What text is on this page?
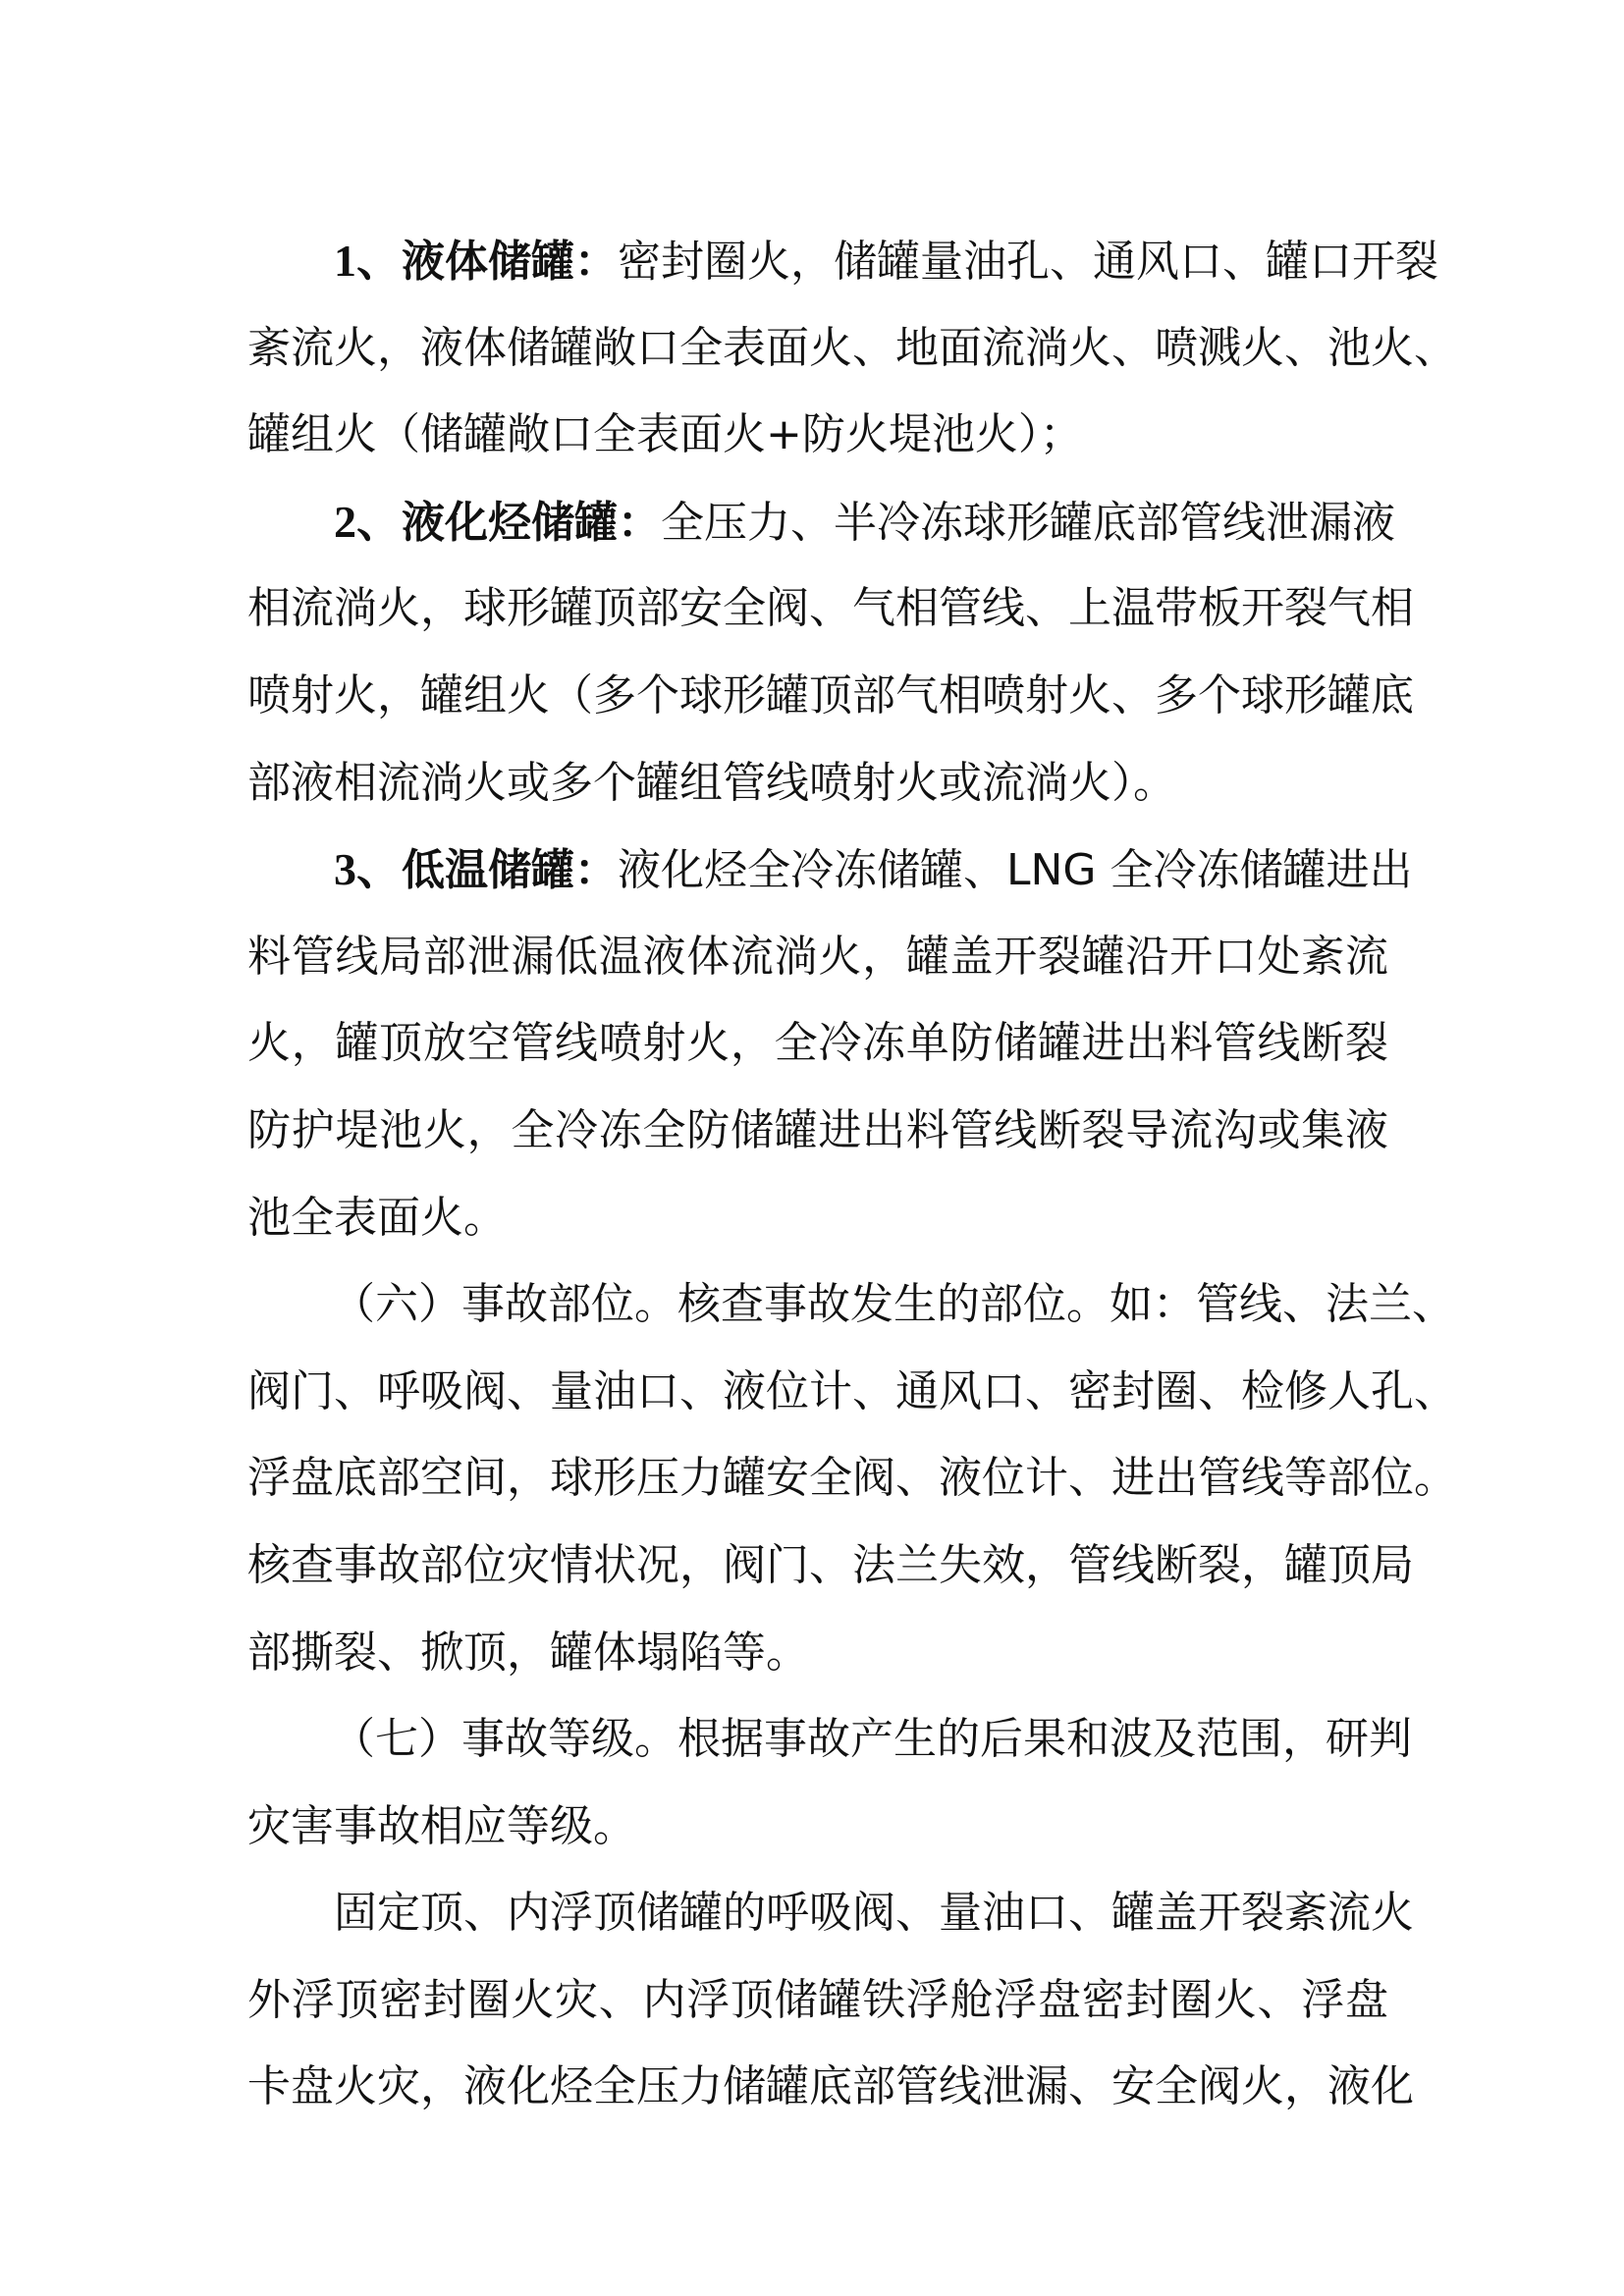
1、液体储罐：密封圈火，储罐量油孔、通风口、罐口开裂
紊流火，液体储罐敞口全表面火、地面流淌火、喷溅火、池火、
罐组火（储罐敞口全表面火+防火堤池火）；
2、液化烃储罐：全压力、半冷冻球形罐底部管线泄漏液
相流淌火，球形罐顶部安全阀、气相管线、上温带板开裂气相
喷射火，罐组火（多个球形罐顶部气相喷射火、多个球形罐底
部液相流淌火或多个罐组管线喷射火或流淌火）。
3、低温储罐：液化烃全冷冻储罐、LNG 全冷冻储罐进出
料管线局部泄漏低温液体流淌火，罐盖开裂罐沿开口处紊流
火，罐顶放空管线喷射火，全冷冻单防储罐进出料管线断裂
防护堤池火，全冷冻全防储罐进出料管线断裂导流沟或集液
池全表面火。
（六）事故部位。核查事故发生的部位。如：管线、法兰、
阀门、呼吸阀、量油口、液位计、通风口、密封圈、检修人孔、
浮盘底部空间，球形压力罐安全阀、液位计、进出管线等部位。
核查事故部位灾情状况，阀门、法兰失效，管线断裂，罐顶局
部撕裂、掀顶，罐体塌陷等。
（七）事故等级。根据事故产生的后果和波及范围，研判
灾害事故相应等级。
固定顶、内浮顶储罐的呼吸阀、量油口、罐盖开裂紊流火
外浮顶密封圈火灾、内浮顶储罐铁浮舱浮盘密封圈火、浮盘
卡盘火灾，液化烃全压力储罐底部管线泄漏、安全阀火，液化
